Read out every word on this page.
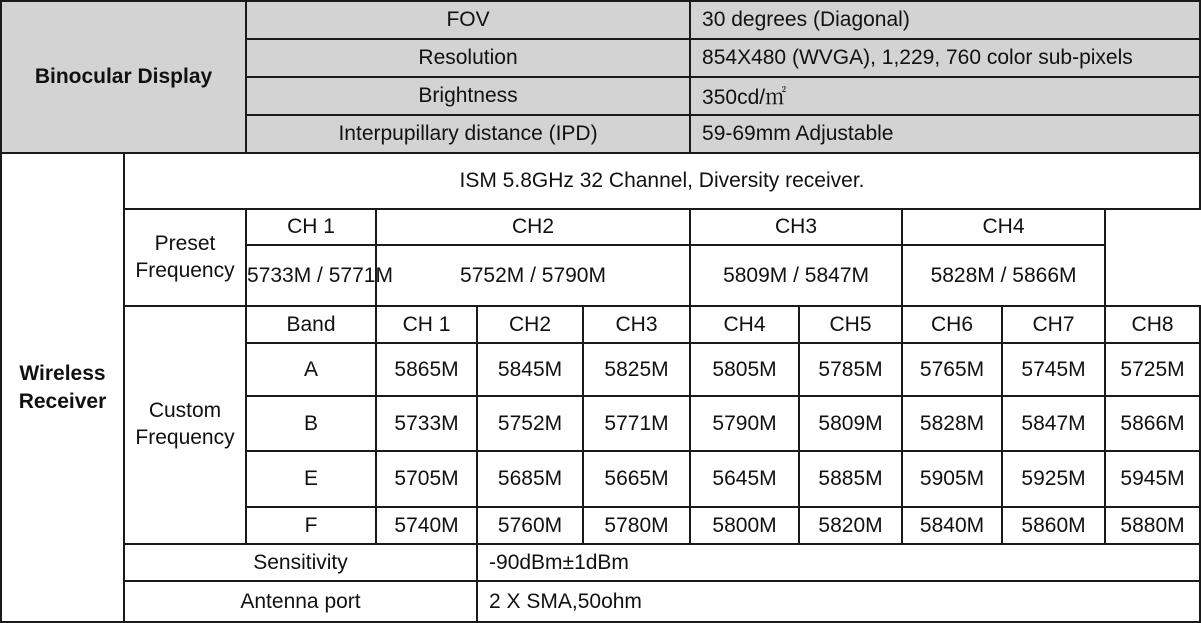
Binocular Display		FOV				30 degrees (Diagonal)				
		Resolution				854X480 (WVGA), 1,229, 760 color sub-pixels				
		Brightness				350cd/㎡				
		Interpupillary distance (IPD)				59-69mm Adjustable				
Wireless Receiver	ISM 5.8GHz 32 Channel, Diversity receiver.									
	Preset Frequency	CH 1	CH2			CH3		CH4		
		5733M / 5771M	5752M / 5790M			5809M / 5847M		5828M / 5866M		
	Custom Frequency	Band	CH 1	CH2	CH3	CH4	CH5	CH6	CH7	CH8
		A	5865M	5845M	5825M	5805M	5785M	5765M	5745M	5725M
		B	5733M	5752M	5771M	5790M	5809M	5828M	5847M	5866M
		E	5705M	5685M	5665M	5645M	5885M	5905M	5925M	5945M
		F	5740M	5760M	5780M	5800M	5820M	5840M	5860M	5880M
	Sensitivity			-90dBm±1dBm						
	Antenna port			2 X SMA,50ohm						
